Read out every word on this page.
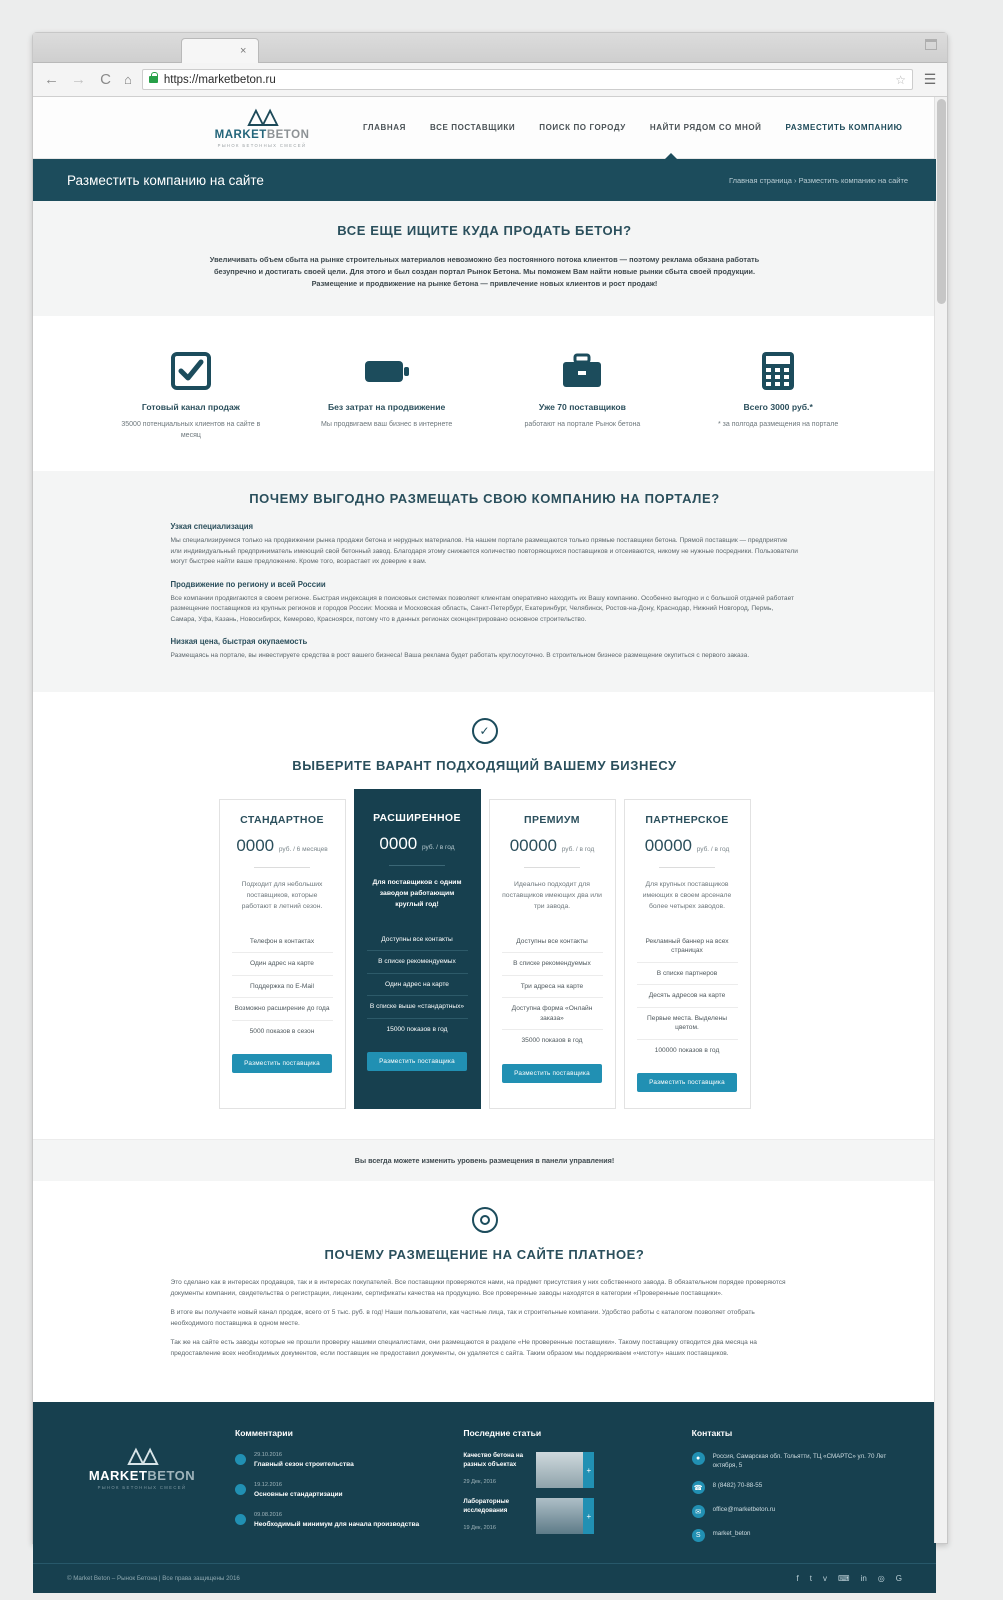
×
← → C ⌂	https:// marketbeton.ru	☆ ☰
△△
MARKETBETON
РЫНОК БЕТОННЫХ СМЕСЕЙ
ГЛАВНАЯ	ВСЕ ПОСТАВЩИКИ	ПОИСК ПО ГОРОДУ	НАЙТИ РЯДОМ СО МНОЙ	РАЗМЕСТИТЬ КОМПАНИЮ
Разместить компанию на сайте	Главная страница › Разместить компанию на сайте
ВСЕ ЕЩЕ ИЩИТЕ КУДА ПРОДАТЬ БЕТОН?
Увеличивать объем сбыта на рынке строительных материалов невозможно без постоянного потока клиентов — поэтому реклама обязана работать безупречно и достигать своей цели. Для этого и был создан портал Рынок Бетона. Мы поможем Вам найти новые рынки сбыта своей продукции. Размещение и продвижение на рынке бетона — привлечение новых клиентов и рост продаж!
Готовый канал продаж

35000 потенциальных клиентов на сайте в месяц

Без затрат на продвижение

Мы продвигаем ваш бизнес в интернете

Уже 70 поставщиков

работают на портале Рынок бетона

Всего 3000 руб.*

* за полгода размещения на портале

ПОЧЕМУ ВЫГОДНО РАЗМЕЩАТЬ СВОЮ КОМПАНИЮ НА ПОРТАЛЕ?
Узкая специализация

Мы специализируемся только на продвижении рынка продажи бетона и нерудных материалов. На нашем портале размещаются только прямые поставщики бетона. Прямой поставщик — предприятие или индивидуальный предприниматель имеющий свой бетонный завод. Благодаря этому снижается количество повторяющихся поставщиков и отсеиваются, никому не нужные посредники. Пользователи могут быстрее найти ваше предложение. Кроме того, возрастает их доверие к вам.

Продвижение по региону и всей России

Все компании продвигаются в своем регионе. Быстрая индексация в поисковых системах позволяет клиентам оперативно находить их Вашу компанию. Особенно выгодно и с большой отдачей работает размещение поставщиков из крупных регионов и городов России: Москва и Московская область, Санкт-Петербург, Екатеринбург, Челябинск, Ростов-на-Дону, Краснодар, Нижний Новгород, Пермь, Самара, Уфа, Казань, Новосибирск, Кемерово, Красноярск, потому что в данных регионах сконцентрировано основное строительство.

Низкая цена, быстрая окупаемость

Размещаясь на портале, вы инвестируете средства в рост вашего бизнеса! Ваша реклама будет работать круглосуточно. В строительном бизнесе размещение окупиться с первого заказа.

✓
ВЫБЕРИТЕ ВАРАНТ ПОДХОДЯЩИЙ ВАШЕМУ БИЗНЕСУ
СТАНДАРТНОЕ
0000 руб. / 6 месяцев
Подходит для небольших поставщиков, которые работают в летний сезон.
Телефон в контактах
Один адрес на карте
Поддержка по E-Mail
Возможно расширение до года
5000 показов в сезон
Разместить поставщика
РАСШИРЕННОЕ
0000 руб. / в год
Для поставщиков с одним заводом работающим круглый год!
Доступны все контакты
В списке рекомендуемых
Один адрес на карте
В списке выше «стандартных»
15000 показов в год
Разместить поставщика
ПРЕМИУМ
00000 руб. / в год
Идеально подходит для поставщиков имеющих два или три завода.
Доступны все контакты
В списке рекомендуемых
Три адреса на карте
Доступна форма «Онлайн заказа»
35000 показов в год
Разместить поставщика
ПАРТНЕРСКОЕ
00000 руб. / в год
Для крупных поставщиков имеющих в своем арсенале более четырех заводов.
Рекламный баннер на всех страницах
В списке партнеров
Десять адресов на карте
Первые места. Выделены цветом.
100000 показов в год
Разместить поставщика
Вы всегда можете изменить уровень размещения в панели управления!
ПОЧЕМУ РАЗМЕЩЕНИЕ НА САЙТЕ ПЛАТНОЕ?

Это сделано как в интересах продавцов, так и в интересах покупателей. Все поставщики проверяются нами, на предмет присутствия у них собственного завода. В обязательном порядке проверяются документы компании, свидетельства о регистрации, лицензии, сертификаты качества на продукцию. Все проверенные заводы находятся в категории «Проверенные поставщики».

В итоге вы получаете новый канал продаж, всего от 5 тыс. руб. в год! Наши пользователи, как частные лица, так и строительные компании. Удобство работы с каталогом позволяет отобрать необходимого поставщика в одном месте.

Так же на сайте есть заводы которые не прошли проверку нашими специалистами, они размещаются в разделе «Не проверенные поставщики». Такому поставщику отводится два месяца на предоставление всех необходимых документов, если поставщик не предоставил документы, он удаляется с сайта. Таким образом мы поддерживаем «чистоту» наших поставщиков.

△△
MARKETBETON
РЫНОК БЕТОННЫХ СМЕСЕЙ
Комментарии
29.10.2016
Главный сезон строительства
19.12.2016
Основные стандартизации
09.08.2016
Необходимый минимум для начала производства
Последние статьи
Качество бетона на разных объектах
29 Дек, 2016
+
Лабораторные исследования
19 Дек, 2016
+
Контакты
●	Россия, Самарская обл. Тольятти, ТЦ «СМАРТС» ул. 70 Лет октября, 5
☎	8 (8482) 70-88-55
✉	office@marketbeton.ru
S	market_beton
© Market Beton – Рынок Бетона | Все права защищены 2016	f t v ⌨ in ◎ G
